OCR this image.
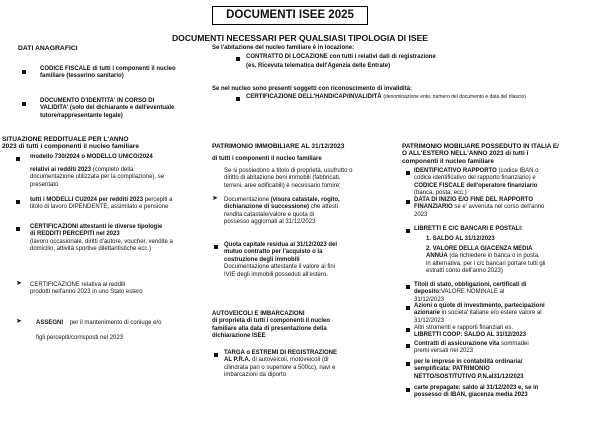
DOCUMENTI ISEE 2025
DOCUMENTI NECESSARI PER QUALSIASI TIPOLOGIA DI ISEE
DATI ANAGRAFICI
CODICE FISCALE di tutti i componenti il nucleo
familiare (tesserino sanitario)
DOCUMENTO D'IDENTITA' IN CORSO DI
VALIDITA' (solo del dichiarante e dell'eventuale
tutore/rappresentante legale)
Se l'abitazione del nucleo familiare è in locazione:
CONTRATTO DI LOCAZIONE con tutti i relativi dati di registrazione
(es. Ricevuta telematica dell'Agenzia delle Entrate)
Se nel nucleo sono presenti soggetti con riconoscimento di invalidità:
CERTIFICAZIONE DELL'HANDICAP/INVALIDITÀ (denominazione ente, numero del documento e data del rilascio)
SITUAZIONE REDDITUALE PER L'ANNO
2023 di tutti i componenti il nucleo familiare
modello 730/2024 o MODELLO UNICO/2024
relativi ai redditi 2023 (completo della
documentazione utilizzata per la compilazione), se
presentato
tutti i MODELLI CU2024 per redditi 2023 percepiti a
titolo di lavoro DIPENDENTE, assimilato e pensione
CERTIFICAZIONI attestanti le diverse tipologie
di REDDITI PERCEPITI nel 2023
(lavoro occasionale, diritti d'autore, voucher, vendite a
domicilio, attività sportive dilettantistiche ecc.)
➤ CERTIFICAZIONE relativa ai redditi
prodotti nell'anno 2023 in uno Stato estero
➤ ASSEGNI per il mantenimento di coniuge e/o
figli percepiti/corrisposti nel 2023
PATRIMONIO IMMOBILIARE AL 31/12/2023
di tutti i componenti il nucleo familiare
Se si possiedono a titolo di proprietà, usufrutto o
diritto di abitazione beni immobili (fabbricati,
terreni, aree edificabili) è necessario fornire:
➤ Documentazione (visura catastale, rogito,
dichiarazione di successione) che attesti
rendita catastale/valore e quota di
possesso aggiornati al 31/12/2023
Quota capitale residua al 31/12/2023 del
mutuo contratto per l'acquisto o la
costruzione degli immobili
Documentazione attestante il valore ai fini
IVIE degli immobili posseduti all'estero.
AUTOVEICOLI E IMBARCAZIONI
di proprietà di tutti i componenti il nucleo
familiare alla data di presentazione della
dichiarazione ISEE
TARGA o ESTREMI DI REGISTRAZIONE
AL P.R.A. di autoveicoli, motoveicoli (di
cilindrata pari o superiore a 500cc), navi e
imbarcazioni da diporto
PATRIMONIO MOBILIARE POSSEDUTO IN ITALIA E/
O ALL'ESTERO NELL'ANNO 2023 di tutti i
componenti il nucleo familiare
IDENTIFICATIVO RAPPORTO (codice IBAN o
codice identificativo del rapporto finanziario) e
CODICE FISCALE dell'operatore finanziario
(banca, posta, ecc.)
DATA DI INIZIO E/O FINE DEL RAPPORTO
FINANZIARIO se e' avvenuta nel corso dell'anno
2023
LIBRETTI E C/C BANCARI E POSTALI:
1. SALDO AL 31/12/2023
2. VALORE DELLA GIACENZA MEDIA
ANNUA (da richiedere in banca o in posta,
in alternativa, per i c/c bancari portare tutti gli
estratti conto dell'anno 2023)
Titoli di stato, obbligazioni, certificati di
deposito:VALORE NOMINALE al
31/12/2023
Azioni o quote di investimento, partecipazioni
azionarie in societa' italiane e/o estere valore al
31/12/2023
Altri strumenti e rapporti finanziari es.
LIBRETTI COOP: SALDO AL 31/12/2023
Contratti di assicurazione vita sommadei
premi versati nel 2023
per le imprese in contabilità ordinaria/
semplificata: PATRIMONIO
NETTO/SOSTITUTIVO P.N.al31/12/2023
carte prepagate: saldo al 31/12/2023 e, se in
possesso di IBAN, giacenza media 2023
